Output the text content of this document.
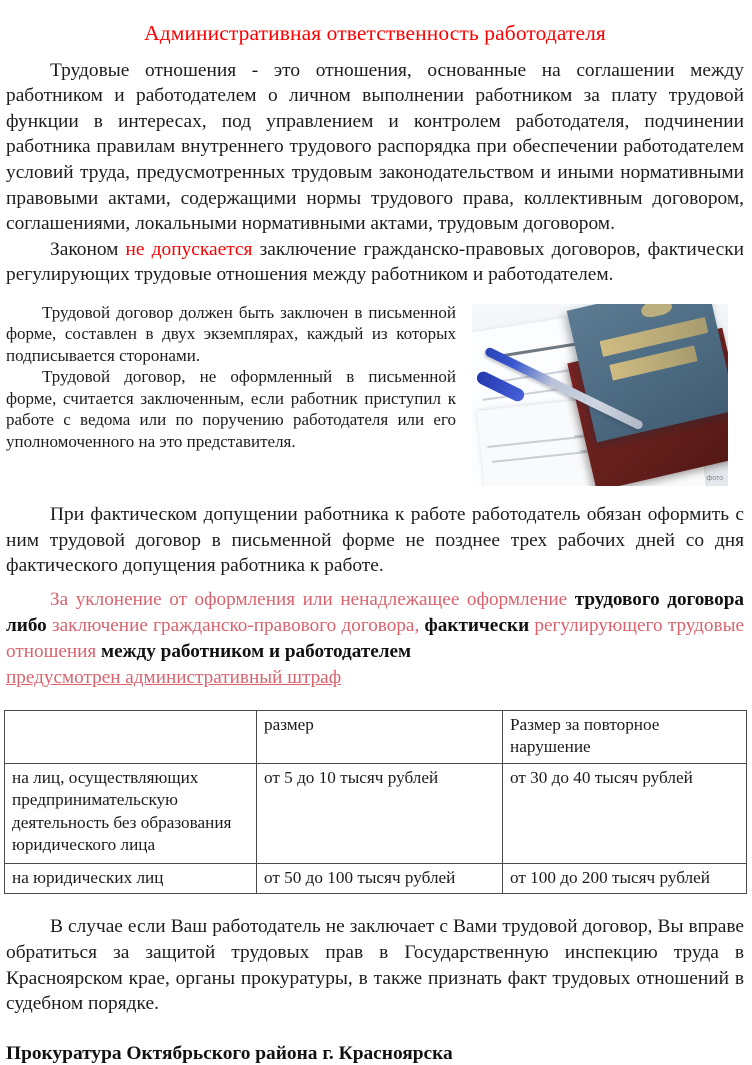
Административная ответственность работодателя

Трудовые отношения - это отношения, основанные на соглашении между работником и работодателем о личном выполнении работником за плату трудовой функции в интересах, под управлением и контролем работодателя, подчинении работника правилам внутреннего трудового распорядка при обеспечении работодателем условий труда, предусмотренных трудовым законодательством и иными нормативными правовыми актами, содержащими нормы трудового права, коллективным договором, соглашениями, локальными нормативными актами, трудовым договором.

Законом не допускается заключение гражданско-правовых договоров, фактически регулирующих трудовые отношения между работником и работодателем.

фото

Трудовой договор должен быть заключен в письменной форме, составлен в двух экземплярах, каждый из которых подписывается сторонами.

Трудовой договор, не оформленный в письменной форме, считается заключенным, если работник приступил к работе с ведома или по поручению работодателя или его уполномоченного на это представителя.

При фактическом допущении работника к работе работодатель обязан оформить с ним трудовой договор в письменной форме не позднее трех рабочих дней со дня фактического допущения работника к работе.

За уклонение от оформления или ненадлежащее оформление трудового договора либо заключение гражданско-правового договора, фактически регулирующего трудовые отношения между работником и работодателем
предусмотрен административный штраф

	размер	Размер за повторное нарушение
на лиц, осуществляющих предпринимательскую деятельность без образования юридического лица	от 5 до 10 тысяч рублей	от 30 до 40 тысяч рублей
на юридических лиц	от 50 до 100 тысяч рублей	от 100 до 200 тысяч рублей

В случае если Ваш работодатель не заключает с Вами трудовой договор, Вы вправе обратиться за защитой трудовых прав в Государственную инспекцию труда в Красноярском крае, органы прокуратуры, в также признать факт трудовых отношений в судебном порядке.

Прокуратура Октябрьского района г. Красноярска
